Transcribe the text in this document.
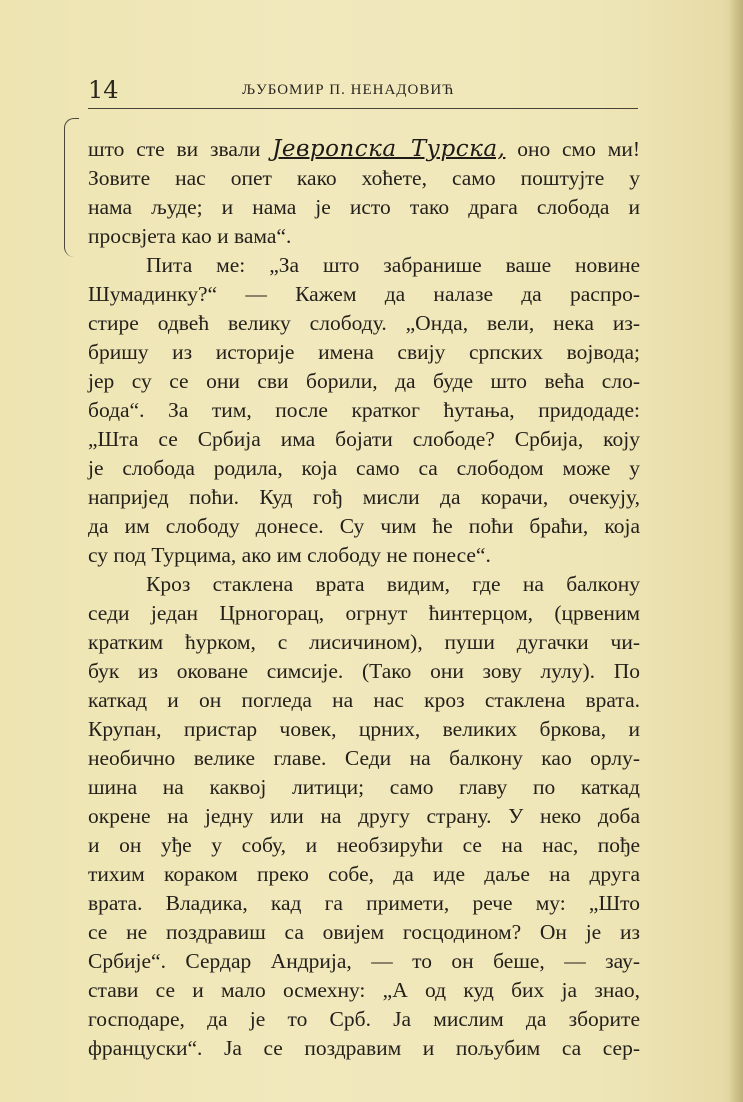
14	ЉУБОМИР П. НЕНАДОВИЋ
што сте ви звали Јевропска Турска, оно смо ми!
Зовите нас опет како хоћете, само поштујте у
нама људе; и нама је исто тако драга слобода и
просвјета као и вама“.
Пита ме: „За што забранише ваше новине
Шумадинку?“ — Кажем да налазе да распро-
стире одвећ велику слободу. „Онда, вели, нека из-
бришу из историје имена свију српских војвода;
јер су се они сви борили, да буде што већа сло-
бода“. За тим, после кратког ћутања, придодаде:
„Шта се Србија има бојати слободе? Србија, коју
је слобода родила, која само са слободом може у
напријед поћи. Куд гођ мисли да корачи, очекују,
да им слободу донесе. Су чим ће поћи браћи, која
су под Турцима, ако им слободу не понесе“.
Кроз стаклена врата видим, где на балкону
седи један Црногорац, огрнут ћинтерцом, (црвеним
кратким ћурком, с лисичином), пуши дугачки чи-
бук из оковане симсије. (Тако они зову лулу). По
каткад и он погледа на нас кроз стаклена врата.
Крупан, пристар човек, црних, великих бркова, и
необично велике главе. Седи на балкону као орлу-
шина на каквој литици; само главу по каткад
окрене на једну или на другу страну. У неко доба
и он уђе у собу, и необзирући се на нас, пође
тихим кораком преко собе, да иде даље на друга
врата. Владика, кад га примети, рече му: „Што
се не поздравиш са овијем госцодином? Он је из
Србије“. Сердар Андрија, — то он беше, — зау-
стави се и мало осмехну: „А од куд бих ја знао,
господаре, да је то Срб. Ја мислим да зборите
француски“. Ја се поздравим и пољубим са сер-
